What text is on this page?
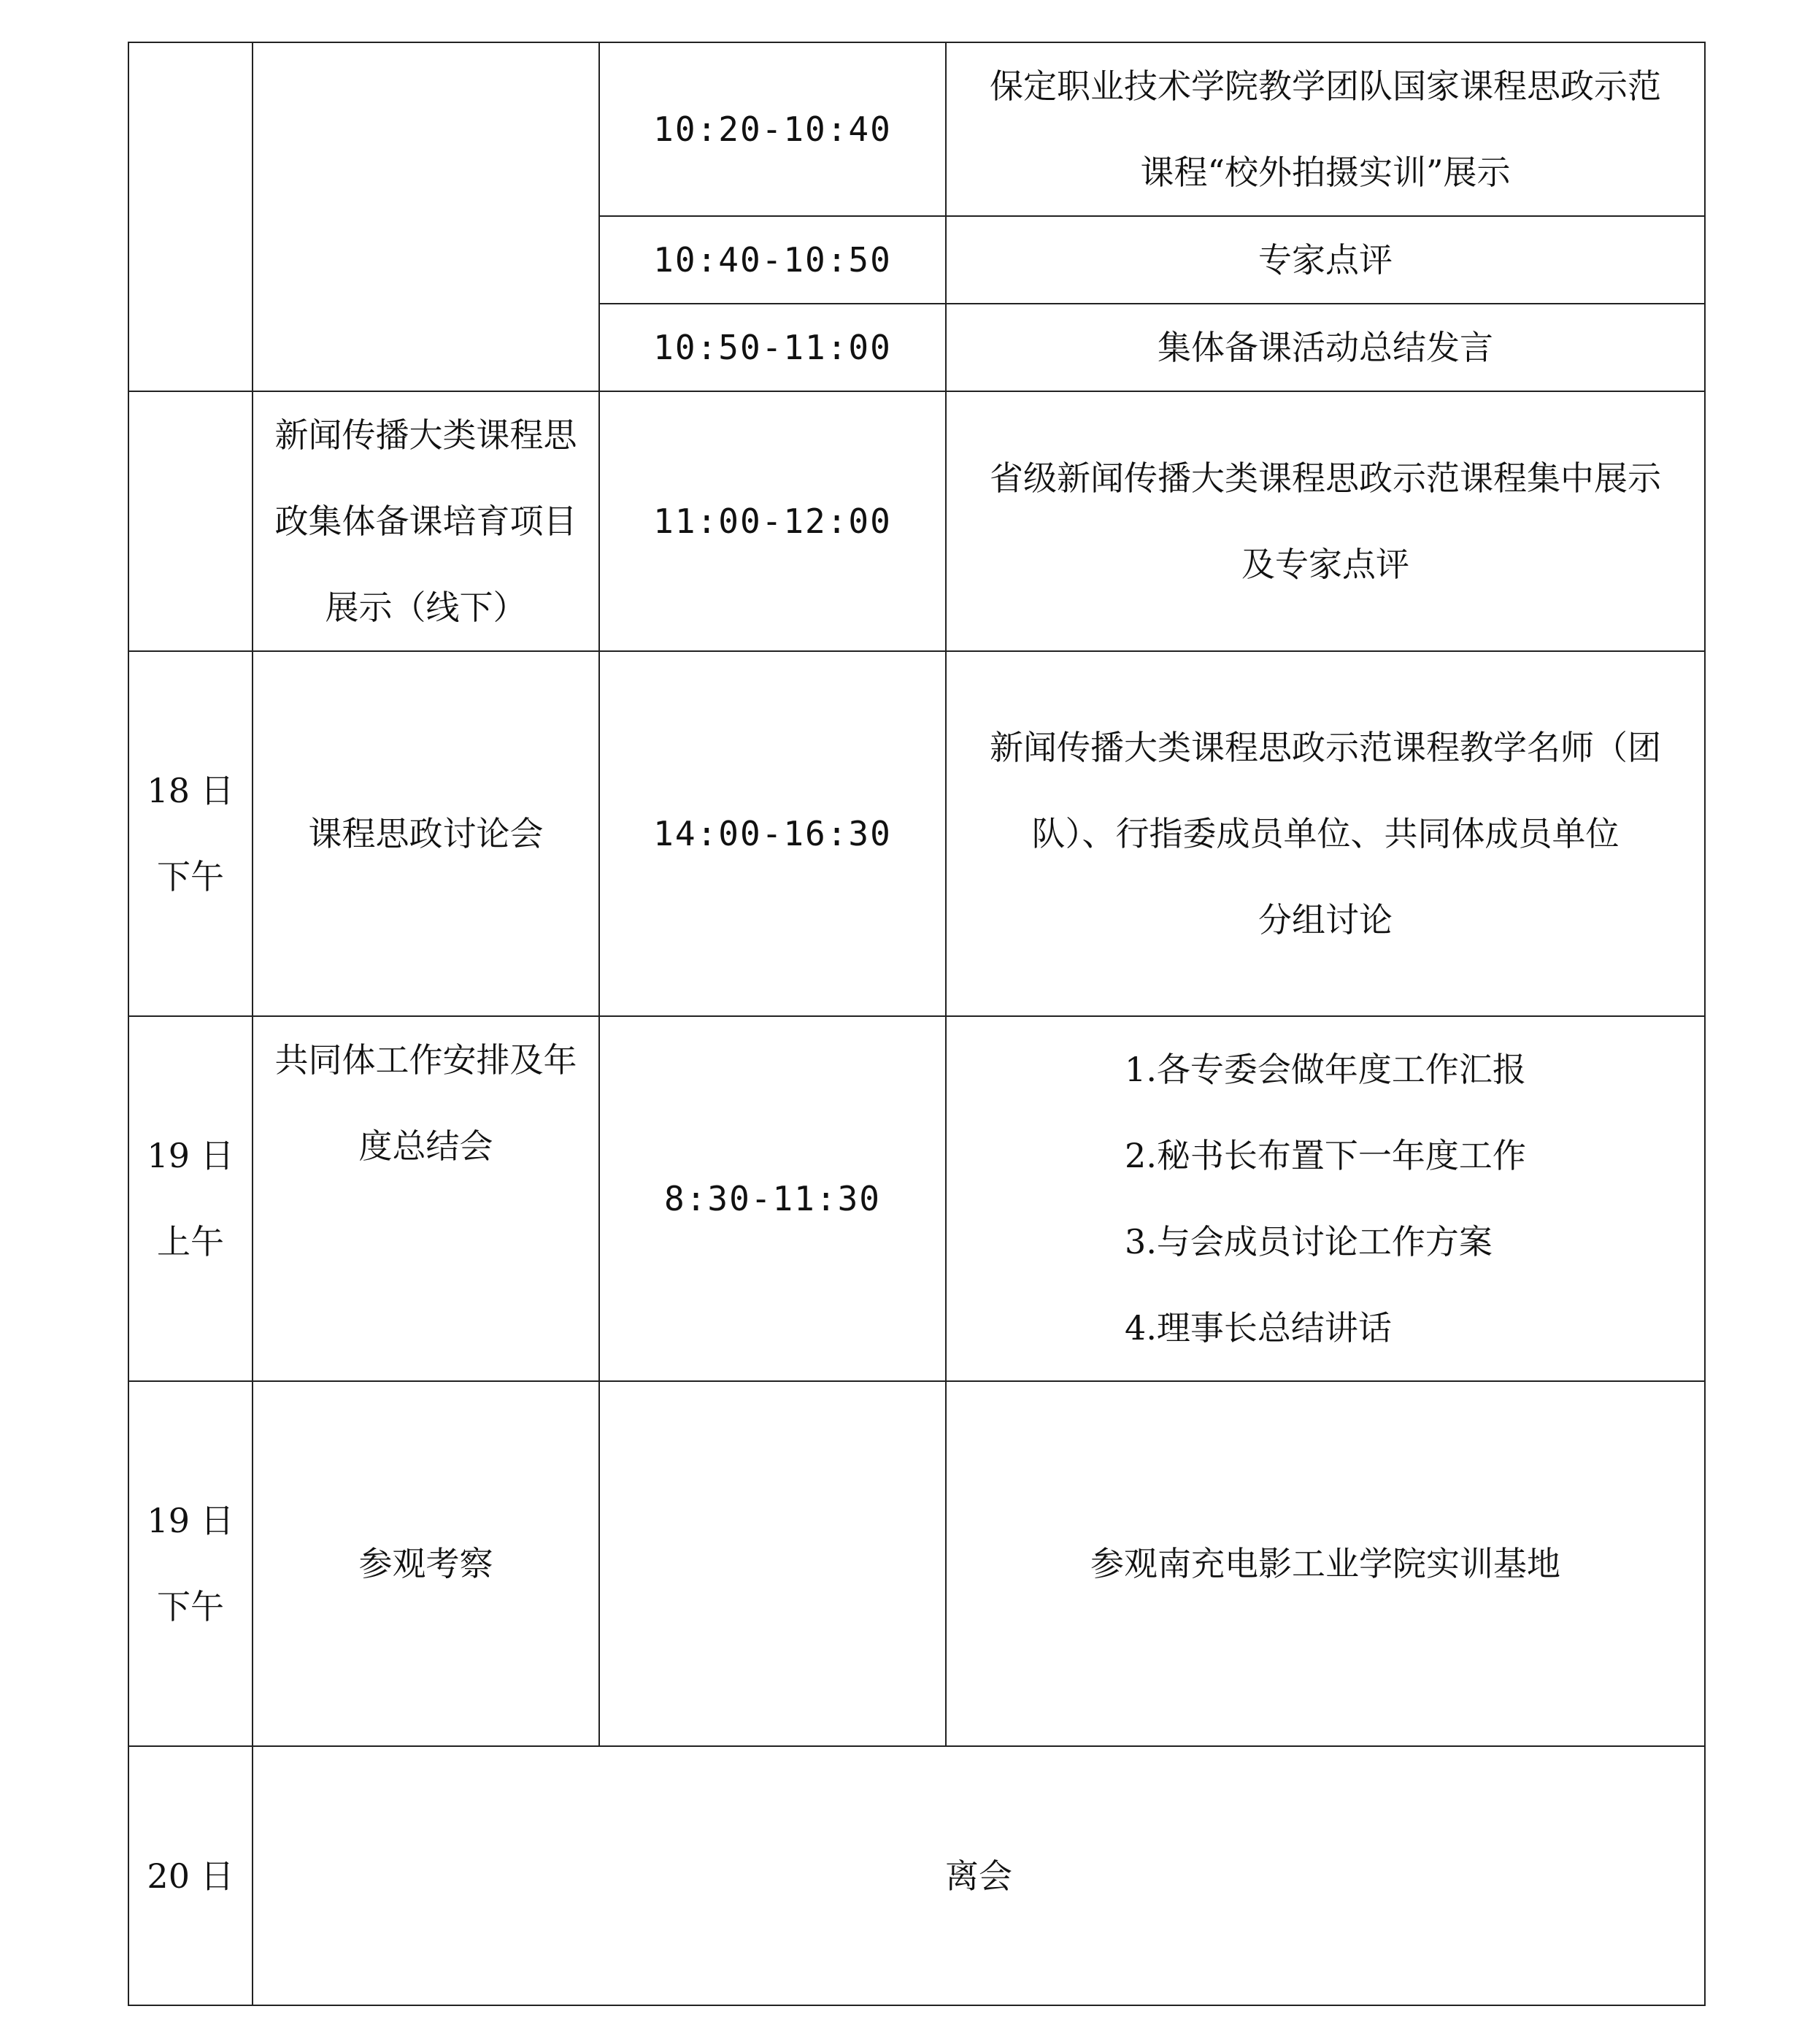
		10:20-10:40	保定职业技术学院教学团队国家课程思政示范
课程“校外拍摄实训”展示

		10:40-10:50	专家点评

		10:50-11:00	集体备课活动总结发言

	新闻传播大类课程思
政集体备课培育项目
展示（线下）	11:00-12:00	省级新闻传播大类课程思政示范课程集中展示
及专家点评

18 日
下午	课程思政讨论会	14:00-16:30	新闻传播大类课程思政示范课程教学名师（团
队）、行指委成员单位、共同体成员单位
分组讨论

19 日
上午	共同体工作安排及年
度总结会	8:30-11:30	1.各专委会做年度工作汇报
2.秘书长布置下一年度工作
3.与会成员讨论工作方案
4.理事长总结讲话

19 日
下午	参观考察		参观南充电影工业学院实训基地

20 日	离会		
